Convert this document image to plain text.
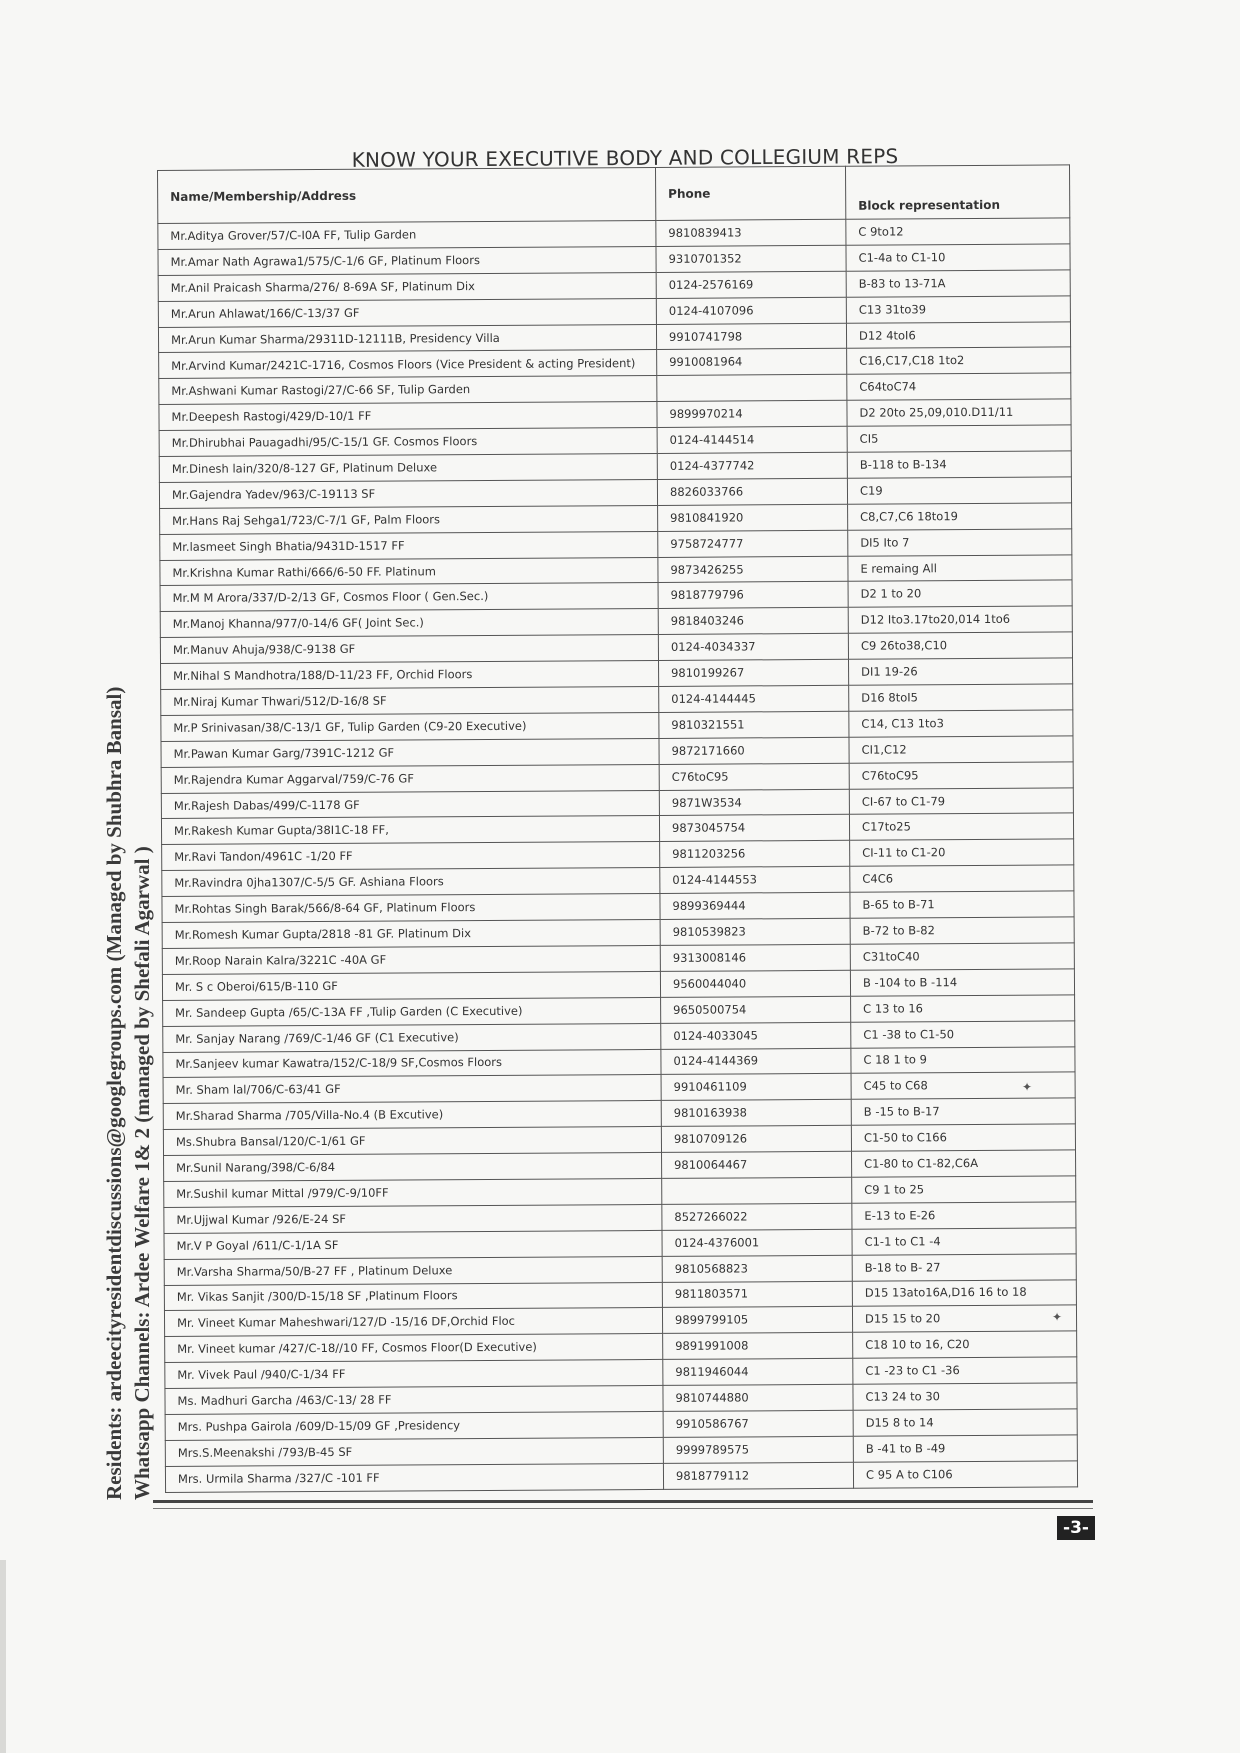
KNOW YOUR EXECUTIVE BODY AND COLLEGIUM REPS
Name/Membership/Address	Phone	Block representation
Mr.Aditya Grover/57/C-I0A FF, Tulip Garden	9810839413	C 9to12
Mr.Amar Nath Agrawa1/575/C-1/6 GF, Platinum Floors	9310701352	C1-4a to C1-10
Mr.Anil Praicash Sharma/276/ 8-69A SF, Platinum Dix	0124-2576169	B-83 to 13-71A
Mr.Arun Ahlawat/166/C-13/37 GF	0124-4107096	C13 31to39
Mr.Arun Kumar Sharma/29311D-12111B, Presidency Villa	9910741798	D12 4toI6
Mr.Arvind Kumar/2421C-1716, Cosmos Floors (Vice President & acting President)	9910081964	C16,C17,C18 1to2
Mr.Ashwani Kumar Rastogi/27/C-66 SF, Tulip Garden		C64toC74
Mr.Deepesh Rastogi/429/D-10/1 FF	9899970214	D2 20to 25,09,010.D11/11
Mr.Dhirubhai Pauagadhi/95/C-15/1 GF. Cosmos Floors	0124-4144514	CI5
Mr.Dinesh lain/320/8-127 GF, Platinum Deluxe	0124-4377742	B-118 to B-134
Mr.Gajendra Yadev/963/C-19113 SF	8826033766	C19
Mr.Hans Raj Sehga1/723/C-7/1 GF, Palm Floors	9810841920	C8,C7,C6 18to19
Mr.lasmeet Singh Bhatia/9431D-1517 FF	9758724777	DI5 Ito 7
Mr.Krishna Kumar Rathi/666/6-50 FF. Platinum	9873426255	E remaing All
Mr.M M Arora/337/D-2/13 GF, Cosmos Floor ( Gen.Sec.)	9818779796	D2 1 to 20
Mr.Manoj Khanna/977/0-14/6 GF( Joint Sec.)	9818403246	D12 Ito3.17to20,014 1to6
Mr.Manuv Ahuja/938/C-9138 GF	0124-4034337	C9 26to38,C10
Mr.Nihal S Mandhotra/188/D-11/23 FF, Orchid Floors	9810199267	DI1 19-26
Mr.Niraj Kumar Thwari/512/D-16/8 SF	0124-4144445	D16 8toI5
Mr.P Srinivasan/38/C-13/1 GF, Tulip Garden (C9-20 Executive)	9810321551	C14, C13 1to3
Mr.Pawan Kumar Garg/7391C-1212 GF	9872171660	CI1,C12
Mr.Rajendra Kumar Aggarval/759/C-76 GF	C76toC95	C76toC95
Mr.Rajesh Dabas/499/C-1178 GF	9871W3534	CI-67 to C1-79
Mr.Rakesh Kumar Gupta/38I1C-18 FF,	9873045754	C17to25
Mr.Ravi Tandon/4961C -1/20 FF	9811203256	CI-11 to C1-20
Mr.Ravindra 0jha1307/C-5/5 GF. Ashiana Floors	0124-4144553	C4C6
Mr.Rohtas Singh Barak/566/8-64 GF, Platinum Floors	9899369444	B-65 to B-71
Mr.Romesh Kumar Gupta/2818 -81 GF. Platinum Dix	9810539823	B-72 to B-82
Mr.Roop Narain Kalra/3221C -40A GF	9313008146	C31toC40
Mr. S c Oberoi/615/B-110 GF	9560044040	B -104 to B -114
Mr. Sandeep Gupta /65/C-13A FF ,Tulip Garden (C Executive)	9650500754	C 13 to 16
Mr. Sanjay Narang /769/C-1/46 GF (C1 Executive)	0124-4033045	C1 -38 to C1-50
Mr.Sanjeev kumar Kawatra/152/C-18/9 SF,Cosmos Floors	0124-4144369	C 18 1 to 9
Mr. Sham lal/706/C-63/41 GF	9910461109	C45 to C68
Mr.Sharad Sharma /705/Villa-No.4 (B Excutive)	9810163938	B -15 to B-17
Ms.Shubra Bansal/120/C-1/61 GF	9810709126	C1-50 to C166
Mr.Sunil Narang/398/C-6/84	9810064467	C1-80 to C1-82,C6A
Mr.Sushil kumar Mittal /979/C-9/10FF		C9 1 to 25
Mr.Ujjwal Kumar /926/E-24 SF	8527266022	E-13 to E-26
Mr.V P Goyal /611/C-1/1A SF	0124-4376001	C1-1 to C1 -4
Mr.Varsha Sharma/50/B-27 FF , Platinum Deluxe	9810568823	B-18 to B- 27
Mr. Vikas Sanjit /300/D-15/18 SF ,Platinum Floors	9811803571	D15 13ato16A,D16 16 to 18
Mr. Vineet Kumar Maheshwari/127/D -15/16 DF,Orchid Floc	9899799105	D15 15 to 20
Mr. Vineet kumar /427/C-18//10 FF, Cosmos Floor(D Executive)	9891991008	C18 10 to 16, C20
Mr. Vivek Paul /940/C-1/34 FF	9811946044	C1 -23 to C1 -36
Ms. Madhuri Garcha /463/C-13/ 28 FF	9810744880	C13 24 to 30
Mrs. Pushpa Gairola /609/D-15/09 GF ,Presidency	9910586767	D15 8 to 14
Mrs.S.Meenakshi /793/B-45 SF	9999789575	B -41 to B -49
Mrs. Urmila Sharma /327/C -101 FF	9818779112	C 95 A to C106
-3-
Residents: ardeecityresidentdiscussions@googlegroups.com (Managed by Shubhra Bansal) Whatsapp Channels: Ardee Welfare 1& 2 (managed by Shefali Agarwal )	✦
✦
